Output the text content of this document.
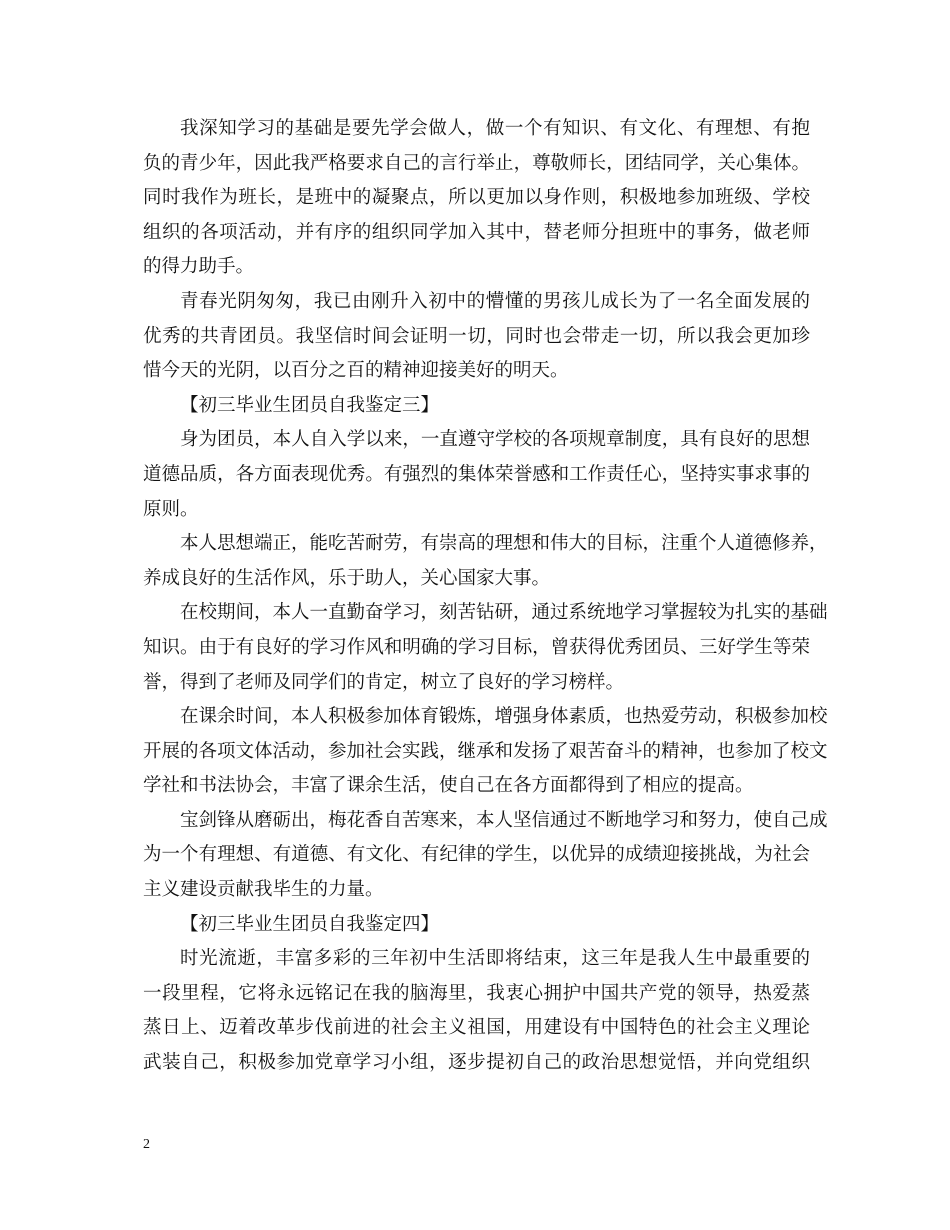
我深知学习的基础是要先学会做人，做一个有知识、有文化、有理想、有抱
负的青少年，因此我严格要求自己的言行举止，尊敬师长，团结同学，关心集体。
同时我作为班长，是班中的凝聚点，所以更加以身作则，积极地参加班级、学校
组织的各项活动，并有序的组织同学加入其中，替老师分担班中的事务，做老师
的得力助手。
青春光阴匆匆，我已由刚升入初中的懵懂的男孩儿成长为了一名全面发展的
优秀的共青团员。我坚信时间会证明一切，同时也会带走一切，所以我会更加珍
惜今天的光阴，以百分之百的精神迎接美好的明天。
【初三毕业生团员自我鉴定三】
身为团员，本人自入学以来，一直遵守学校的各项规章制度，具有良好的思想
道德品质，各方面表现优秀。有强烈的集体荣誉感和工作责任心，坚持实事求事的
原则。
本人思想端正，能吃苦耐劳，有崇高的理想和伟大的目标，注重个人道德修养，
养成良好的生活作风，乐于助人，关心国家大事。
在校期间，本人一直勤奋学习，刻苦钻研，通过系统地学习掌握较为扎实的基础
知识。由于有良好的学习作风和明确的学习目标，曾获得优秀团员、三好学生等荣
誉，得到了老师及同学们的肯定，树立了良好的学习榜样。
在课余时间，本人积极参加体育锻炼，增强身体素质，也热爱劳动，积极参加校
开展的各项文体活动，参加社会实践，继承和发扬了艰苦奋斗的精神，也参加了校文
学社和书法协会，丰富了课余生活，使自己在各方面都得到了相应的提高。
宝剑锋从磨砺出，梅花香自苦寒来，本人坚信通过不断地学习和努力，使自己成
为一个有理想、有道德、有文化、有纪律的学生，以优异的成绩迎接挑战，为社会
主义建设贡献我毕生的力量。
【初三毕业生团员自我鉴定四】
时光流逝，丰富多彩的三年初中生活即将结束，这三年是我人生中最重要的
一段里程，它将永远铭记在我的脑海里，我衷心拥护中国共产党的领导，热爱蒸
蒸日上、迈着改革步伐前进的社会主义祖国，用建设有中国特色的社会主义理论
武装自己，积极参加党章学习小组，逐步提初自己的政治思想觉悟，并向党组织
2
